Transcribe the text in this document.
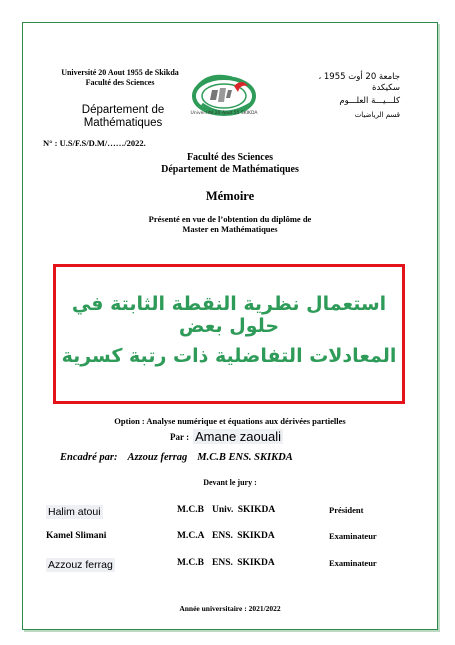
Université 20 Aout 1955 de Skikda
Faculté des Sciences
Département de Mathématiques
N° : U.S/F.S/D.M/……/2022.
Université 20 Aout 55 SKIKDA
جامعة 20 أوت 1955 ،
سكيكدة
كلـــيـــة العلـــوم
قسم الرياضيات
Faculté des Sciences
Département de Mathématiques
Mémoire
Présenté en vue de l’obtention du diplôme de
Master en Mathématiques
استعمال نظرية النقطة الثابتة في حلول بعض
المعادلات التفاضلية ذات رتبة كسرية
Option : Analyse numérique et équations aux dérivées partielles
Par : Amane zaouali
Encadré par: Azzouz ferrag M.C.B ENS. SKIKDA
Devant le jury :
Halim atoui	M.C.B Univ. SKIKDA	Président
Kamel Slimani	M.C.A ENS. SKIKDA	Examinateur
Azzouz ferrag	M.C.B ENS. SKIKDA	Examinateur
Année universitaire : 2021/2022
